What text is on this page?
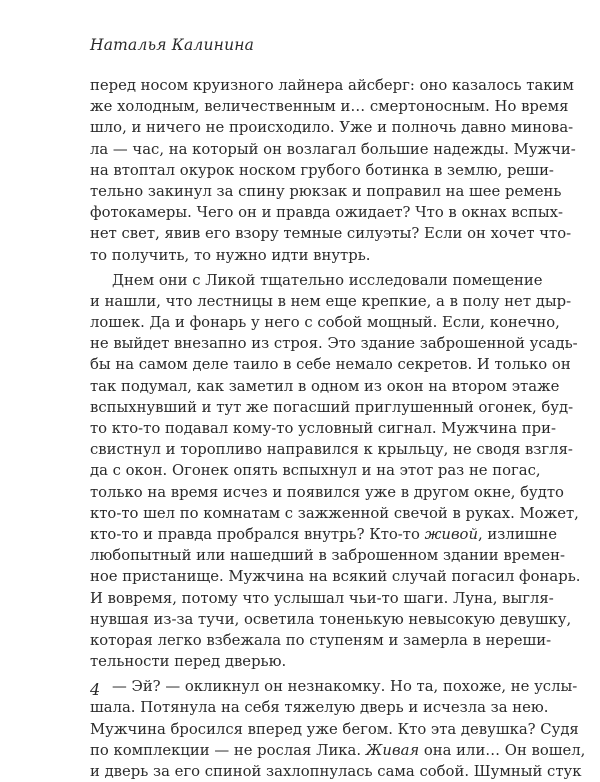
Наталья Калинина
перед носом круизного лайнера айсберг: оно казалось таким
же холодным, величественным и… смертоносным. Но время
шло, и ничего не происходило. Уже и полночь давно минова-
ла — час, на который он возлагал большие надежды. Мужчи-
на втоптал окурок носком грубого ботинка в землю, реши-
тельно закинул за спину рюкзак и поправил на шее ремень
фотокамеры. Чего он и правда ожидает? Что в окнах вспых-
нет свет, явив его взору темные силуэты? Если он хочет что-
то получить, то нужно идти внутрь.
Днем они с Ликой тщательно исследовали помещение
и нашли, что лестницы в нем еще крепкие, а в полу нет дыр-
лошек. Да и фонарь у него с собой мощный. Если, конечно,
не выйдет внезапно из строя. Это здание заброшенной усадь-
бы на самом деле таило в себе немало секретов. И только он
так подумал, как заметил в одном из окон на втором этаже
вспыхнувший и тут же погасший приглушенный огонек, буд-
то кто-то подавал кому-то условный сигнал. Мужчина при-
свистнул и торопливо направился к крыльцу, не сводя взгля-
да с окон. Огонек опять вспыхнул и на этот раз не погас,
только на время исчез и появился уже в другом окне, будто
кто-то шел по комнатам с зажженной свечой в руках. Может,
кто-то и правда пробрался внутрь? Кто-то живой, излишне
любопытный или нашедший в заброшенном здании времен-
ное пристанище. Мужчина на всякий случай погасил фонарь.
И вовремя, потому что услышал чьи-то шаги. Луна, выгля-
нувшая из-за тучи, осветила тоненькую невысокую девушку,
которая легко взбежала по ступеням и замерла в нереши-
тельности перед дверью.
— Эй? — окликнул он незнакомку. Но та, похоже, не услы-
шала. Потянула на себя тяжелую дверь и исчезла за нею.
Мужчина бросился вперед уже бегом. Кто эта девушка? Судя
по комплекции — не рослая Лика. Живая она или… Он вошел,
и дверь за его спиной захлопнулась сама собой. Шумный стук
4
